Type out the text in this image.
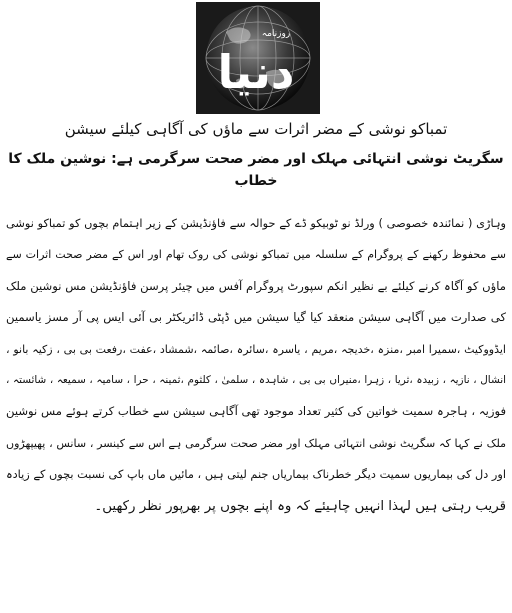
روزنامہ
دنیا
تمباکو نوشی کے مضر اثرات سے ماؤں کی آگاہی کیلئے سیشن
سگریٹ نوشی انتہائی مہلک اور مضر صحت سرگرمی ہے: نوشین ملک کا خطاب
وہاڑی ( نمائندہ خصوصی ) ورلڈ نو ٹوبیکو ڈے کے حوالہ سے فاؤنڈیشن کے زیر اہتمام بچوں کو تمباکو نوشی
سے محفوظ رکھنے کے پروگرام کے سلسلہ میں تمباکو نوشی کی روک تھام اور اس کے مضر صحت اثرات سے
ماؤں کو آگاہ کرنے کیلئے بے نظیر انکم سپورٹ پروگرام آفس میں چیئر پرسن فاؤنڈیشن مس نوشین ملک
کی صدارت میں آگاہی سیشن منعقد کیا گیا سیشن میں ڈپٹی ڈائریکٹر بی آئی ایس پی آر مسز یاسمین
ایڈووکیٹ ،سمیرا امبر ،منزہ ،خدیجہ ،مریم ، یاسرہ ،سائرہ ،صائمہ ،شمشاد ،عفت ،رفعت بی بی ، زکیہ بانو ،
انشال ، نازیہ ، زبیدہ ،ثریا ، زہرا ،منیراں بی بی ، شاہدہ ، سلمیٰ ، کلثوم ،ثمینہ ، حرا ، سامیہ ، سمیعہ ، شائستہ ،
فوزیہ ، ہاجرہ سمیت خواتین کی کثیر تعداد موجود تھی آگاہی سیشن سے خطاب کرتے ہوئے مس نوشین
ملک نے کہا کہ سگریٹ نوشی انتہائی مہلک اور مضر صحت سرگرمی ہے اس سے کینسر ، سانس ، پھیپھڑوں
اور دل کی بیماریوں سمیت دیگر خطرناک بیماریاں جنم لیتی ہیں ، مائیں ماں باپ کی نسبت بچوں کے زیادہ
قریب رہتی ہیں لہذا انہیں چاہیئے کہ وہ اپنے بچوں پر بھرپور نظر رکھیں۔
